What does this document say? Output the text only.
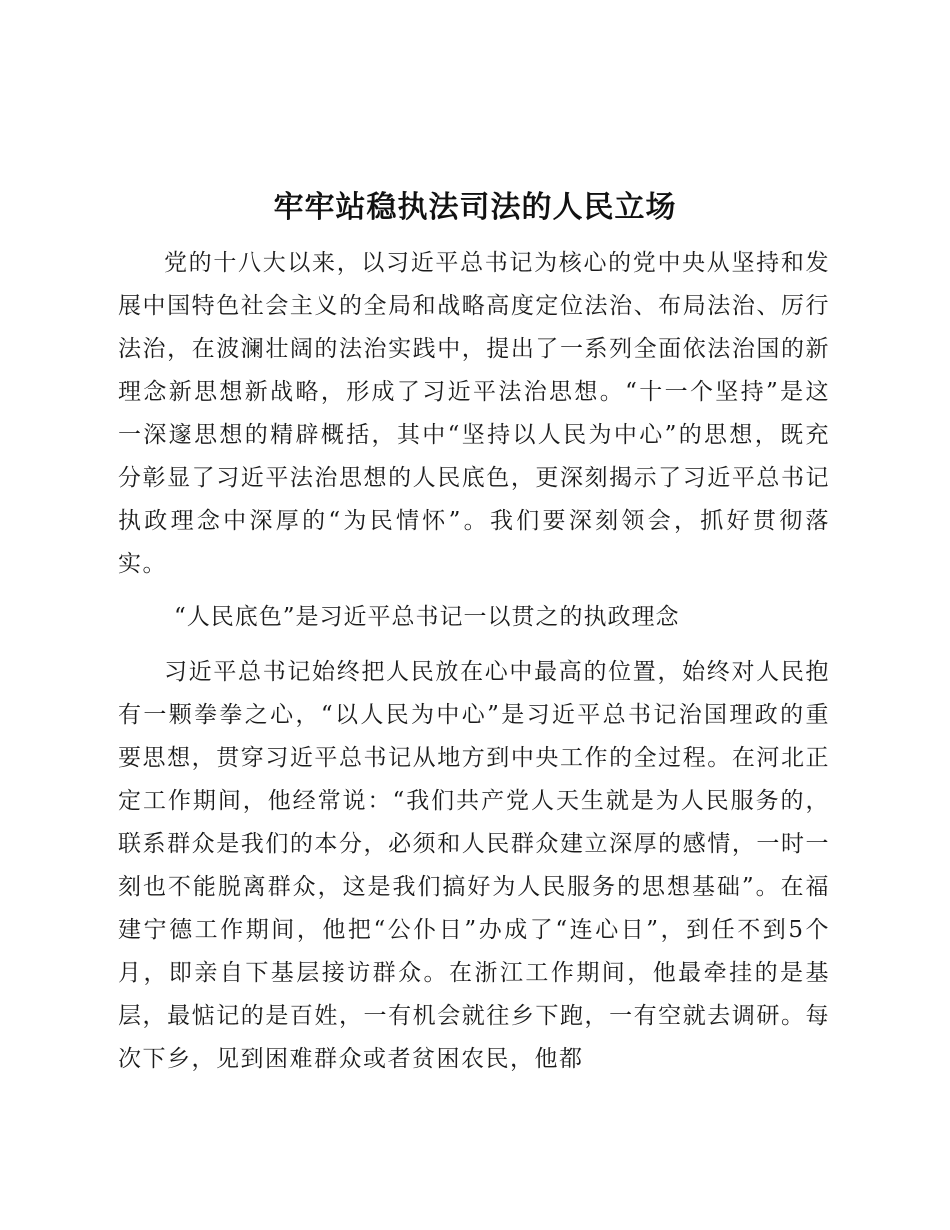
牢牢站稳执法司法的人民立场

党的十八大以来，以习近平总书记为核心的党中央从坚持和发展中国特色社会主义的全局和战略高度定位法治、布局法治、厉行法治，在波澜壮阔的法治实践中，提出了一系列全面依法治国的新理念新思想新战略，形成了习近平法治思想。“十一个坚持”是这一深邃思想的精辟概括，其中“坚持以人民为中心”的思想，既充分彰显了习近平法治思想的人民底色，更深刻揭示了习近平总书记执政理念中深厚的“为民情怀”。我们要深刻领会，抓好贯彻落实。

“人民底色”是习近平总书记一以贯之的执政理念

习近平总书记始终把人民放在心中最高的位置，始终对人民抱有一颗拳拳之心，“以人民为中心”是习近平总书记治国理政的重要思想，贯穿习近平总书记从地方到中央工作的全过程。在河北正定工作期间，他经常说：“我们共产党人天生就是为人民服务的，联系群众是我们的本分，必须和人民群众建立深厚的感情，一时一刻也不能脱离群众，这是我们搞好为人民服务的思想基础”。在福建宁德工作期间，他把“公仆日”办成了“连心日”，到任不到5个月，即亲自下基层接访群众。在浙江工作期间，他最牵挂的是基层，最惦记的是百姓，一有机会就往乡下跑，一有空就去调研。每次下乡，见到困难群众或者贫困农民，他都
